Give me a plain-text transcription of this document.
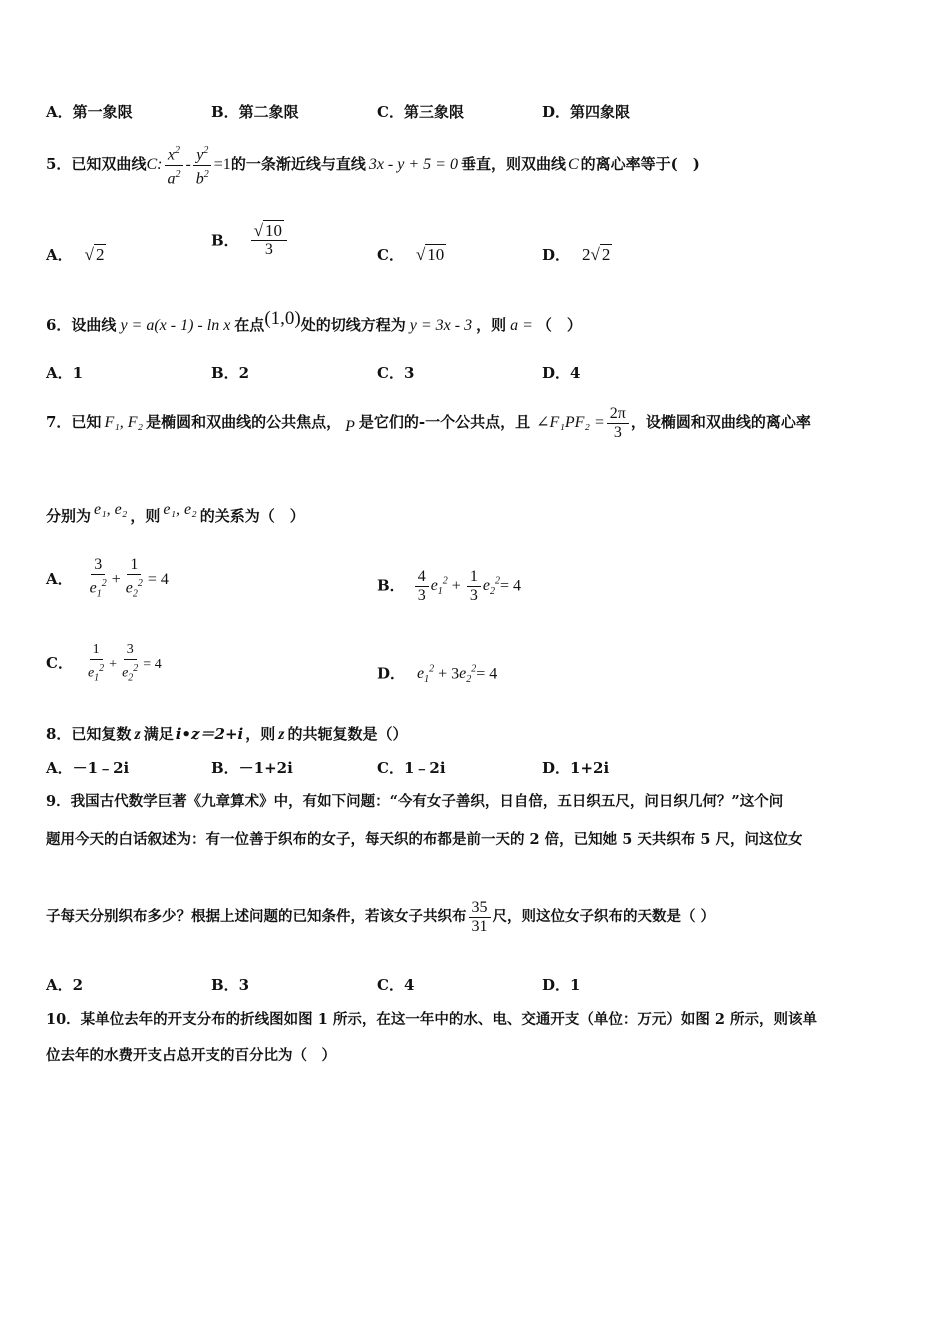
A．第一象限	B．第二象限	C．第三象限	D．第四象限
5．已知双曲线C: $\frac{x^2}{a^2} - \frac{y^2}{b^2} =1$的一条渐近线与直线 3x - y + 5 = 0 垂直，则双曲线 C 的离心率等于(　)
A． √ 2
B． $\frac{√ 10}{3}$	C． √ 10	D． 2√ 2
6．设曲线 y = a(x - 1) - ln x 在点(1,0)处的切线方程为 y = 3x - 3 ，则 a = （　）
A．1	B．2	C．3	D．4
7．已知 F₁, F₂ 是椭圆和双曲线的公共焦点， P 是它们的-一个公共点，且 ∠F₁PF₂ = $\frac{2\pi}{3}$ ，设椭圆和双曲线的离心率
分别为 e₁, e₂ ，则 e₁, e₂ 的关系为（　）
A． $\frac{3}{e_1^2} + \frac{1}{e_2^2} = 4$	B． $\frac{4}{3} e_1^2 + \frac{1}{3} e_2^2= 4$
C． $\frac{1}{e_1^2} + \frac{3}{e_2^2} = 4$	D． $e_1^2 + 3e_2^2= 4$
8．已知复数 z 满足 i•z＝2+i ，则 z 的共轭复数是（）
A．－1﹣2i	B．－1+2i	C．1﹣2i	D．1+2i
9．我国古代数学巨著《九章算术》中，有如下问题：“今有女子善织，日自倍，五日织五尺，问日织几何？”这个问
题用今天的白话叙述为：有一位善于织布的女子，每天织的布都是前一天的 2 倍，已知她 5 天共织布 5 尺，问这位女
子每天分别织布多少？根据上述问题的已知条件，若该女子共织布 $\frac{35}{31}$ 尺，则这位女子织布的天数是（ ）
A．2	B．3	C．4	D．1
10．某单位去年的开支分布的折线图如图 1 所示，在这一年中的水、电、交通开支（单位：万元）如图 2 所示，则该单
位去年的水费开支占总开支的百分比为（　）
